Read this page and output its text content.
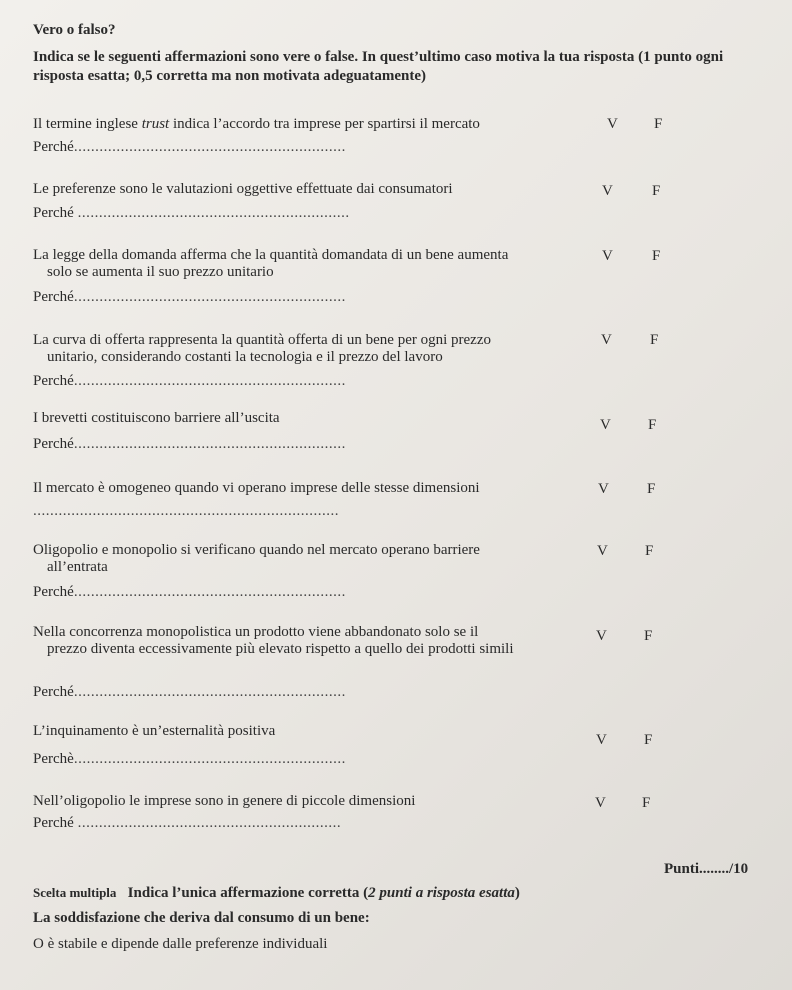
Vero o falso?
Indica se le seguenti affermazioni sono vere o false. In quest’ultimo caso motiva la tua risposta (1 punto ogni risposta esatta; 0,5 corretta ma non motivata adeguatamente)
Il termine inglese trust indica l’accordo tra imprese per spartirsi il mercato	V F
Perché................................................................
Le preferenze sono le valutazioni oggettive effettuate dai consumatori	V	F
Perché ................................................................
La legge della domanda afferma che la quantità domandata di un bene aumenta
solo se aumenta il suo prezzo unitario
V	F
Perché................................................................
La curva di offerta rappresenta la quantità offerta di un bene per ogni prezzo
unitario, considerando costanti la tecnologia e il prezzo del lavoro
V	F
Perché................................................................
I brevetti costituiscono barriere all’uscita	V F
Perché................................................................
Il mercato è omogeneo quando vi operano imprese delle stesse dimensioni	V	F
........................................................................
Oligopolio e monopolio si verificano quando nel mercato operano barriere
all’entrata
V F
Perché................................................................
Nella concorrenza monopolistica un prodotto viene abbandonato solo se il
prezzo diventa eccessivamente più elevato rispetto a quello dei prodotti simili
V F
Perché................................................................
L’inquinamento è un’esternalità positiva
V F
Perchè................................................................
Nell’oligopolio le imprese sono in genere di piccole dimensioni	V F
Perché ..............................................................
Punti......../10
Scelta multipla Indica l’unica affermazione corretta (2 punti a risposta esatta)
La soddisfazione che deriva dal consumo di un bene:
O è stabile e dipende dalle preferenze individuali
